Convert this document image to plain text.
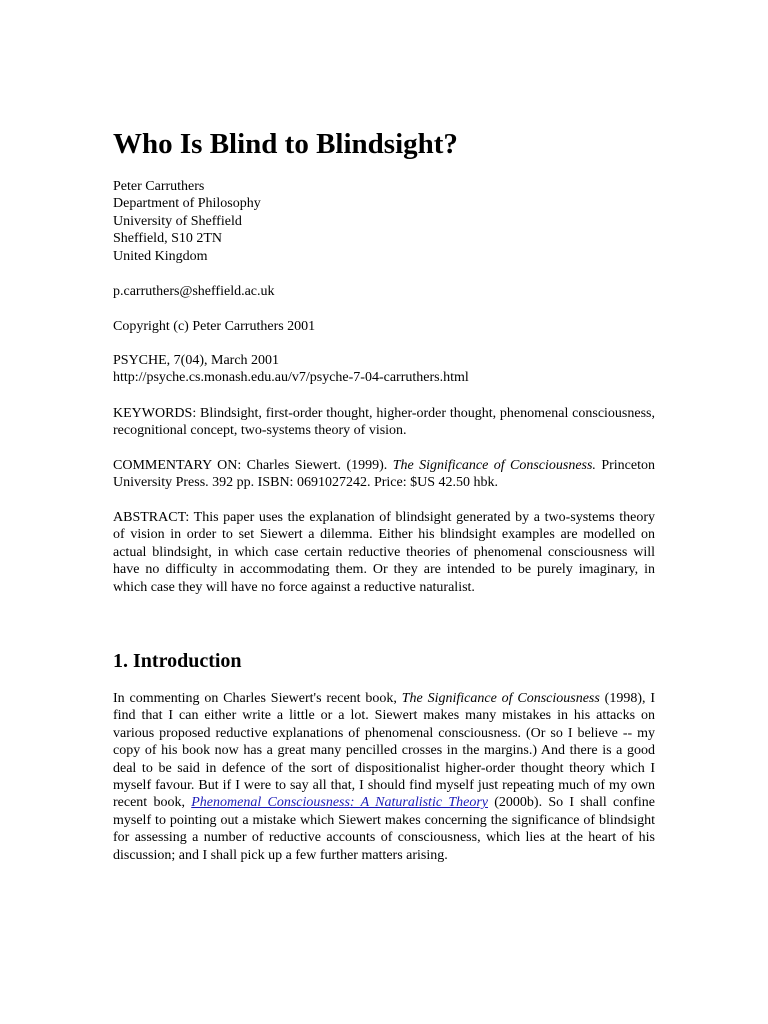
Who Is Blind to Blindsight?

Peter Carruthers
Department of Philosophy
University of Sheffield
Sheffield, S10 2TN
United Kingdom

p.carruthers@sheffield.ac.uk

Copyright (c) Peter Carruthers 2001

PSYCHE, 7(04), March 2001
http://psyche.cs.monash.edu.au/v7/psyche-7-04-carruthers.html

KEYWORDS: Blindsight, first-order thought, higher-order thought, phenomenal consciousness, recognitional concept, two-systems theory of vision.

COMMENTARY ON: Charles Siewert. (1999). The Significance of Consciousness. Princeton University Press. 392 pp. ISBN: 0691027242. Price: $US 42.50 hbk.

ABSTRACT: This paper uses the explanation of blindsight generated by a two-systems theory of vision in order to set Siewert a dilemma. Either his blindsight examples are modelled on actual blindsight, in which case certain reductive theories of phenomenal consciousness will have no difficulty in accommodating them. Or they are intended to be purely imaginary, in which case they will have no force against a reductive naturalist.

1. Introduction

In commenting on Charles Siewert's recent book, The Significance of Consciousness (1998), I find that I can either write a little or a lot. Siewert makes many mistakes in his attacks on various proposed reductive explanations of phenomenal consciousness. (Or so I believe -- my copy of his book now has a great many pencilled crosses in the margins.) And there is a good deal to be said in defence of the sort of dispositionalist higher-order thought theory which I myself favour. But if I were to say all that, I should find myself just repeating much of my own recent book, Phenomenal Consciousness: A Naturalistic Theory (2000b). So I shall confine myself to pointing out a mistake which Siewert makes concerning the significance of blindsight for assessing a number of reductive accounts of consciousness, which lies at the heart of his discussion; and I shall pick up a few further matters arising.
